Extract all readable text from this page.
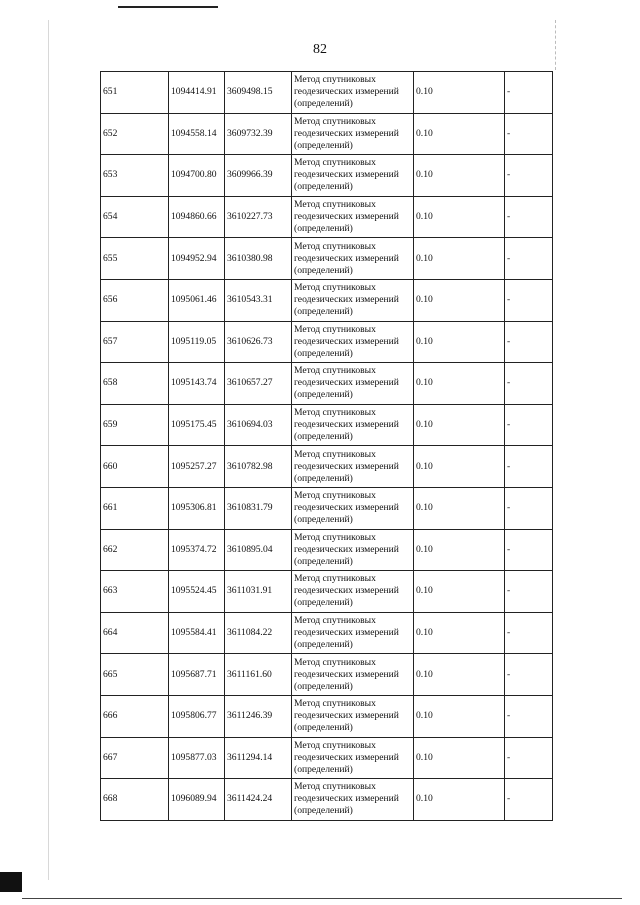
82
651	1094414.91	3609498.15	Метод спутниковых
геодезических измерений
(определений)	0.10	-
652	1094558.14	3609732.39	Метод спутниковых
геодезических измерений
(определений)	0.10	-
653	1094700.80	3609966.39	Метод спутниковых
геодезических измерений
(определений)	0.10	-
654	1094860.66	3610227.73	Метод спутниковых
геодезических измерений
(определений)	0.10	-
655	1094952.94	3610380.98	Метод спутниковых
геодезических измерений
(определений)	0.10	-
656	1095061.46	3610543.31	Метод спутниковых
геодезических измерений
(определений)	0.10	-
657	1095119.05	3610626.73	Метод спутниковых
геодезических измерений
(определений)	0.10	-
658	1095143.74	3610657.27	Метод спутниковых
геодезических измерений
(определений)	0.10	-
659	1095175.45	3610694.03	Метод спутниковых
геодезических измерений
(определений)	0.10	-
660	1095257.27	3610782.98	Метод спутниковых
геодезических измерений
(определений)	0.10	-
661	1095306.81	3610831.79	Метод спутниковых
геодезических измерений
(определений)	0.10	-
662	1095374.72	3610895.04	Метод спутниковых
геодезических измерений
(определений)	0.10	-
663	1095524.45	3611031.91	Метод спутниковых
геодезических измерений
(определений)	0.10	-
664	1095584.41	3611084.22	Метод спутниковых
геодезических измерений
(определений)	0.10	-
665	1095687.71	3611161.60	Метод спутниковых
геодезических измерений
(определений)	0.10	-
666	1095806.77	3611246.39	Метод спутниковых
геодезических измерений
(определений)	0.10	-
667	1095877.03	3611294.14	Метод спутниковых
геодезических измерений
(определений)	0.10	-
668	1096089.94	3611424.24	Метод спутниковых
геодезических измерений
(определений)	0.10	-
